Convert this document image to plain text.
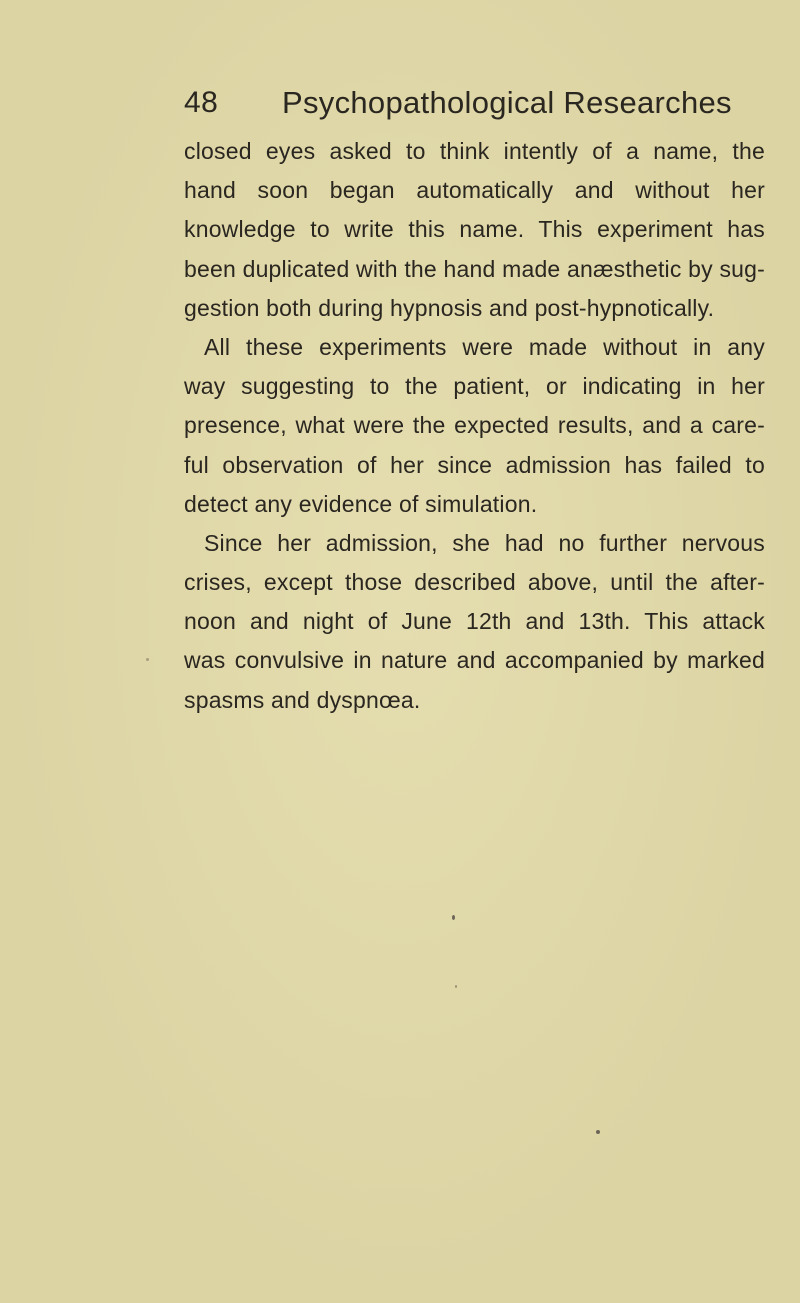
48 Psychopathological Researches
closed eyes asked to think intently of a name, the
hand soon began automatically and without her
knowledge to write this name. This experiment has
been duplicated with the hand made anæsthetic by sug-
gestion both during hypnosis and post-hypnotically.
All these experiments were made without in any
way suggesting to the patient, or indicating in her
presence, what were the expected results, and a care-
ful observation of her since admission has failed to
detect any evidence of simulation.
Since her admission, she had no further nervous
crises, except those described above, until the after-
noon and night of June 12th and 13th. This attack
was convulsive in nature and accompanied by marked
spasms and dyspnœa.
